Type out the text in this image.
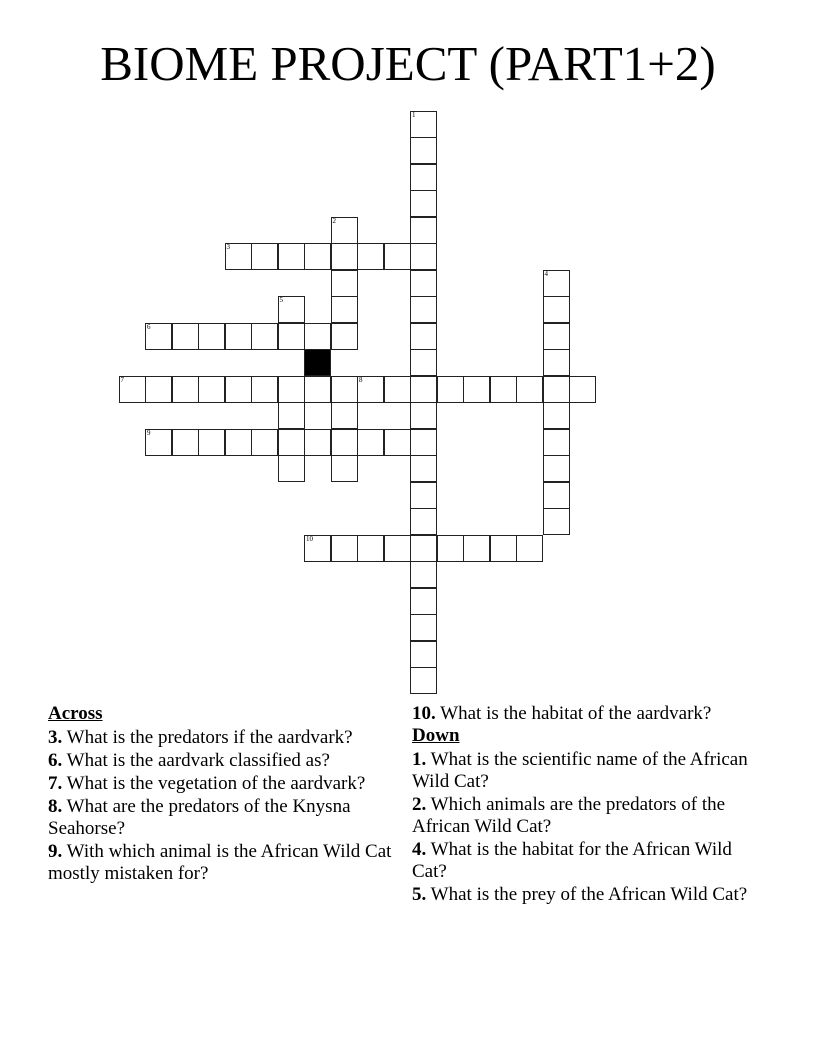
BIOME PROJECT (PART1+2)
1
2
3
4
5
6
7	8
9
10
Across
3. What is the predators if the aardvark?
6. What is the aardvark classified as?
7. What is the vegetation of the aardvark?
8. What are the predators of the Knysna Seahorse?
9. With which animal is the African Wild Cat mostly mistaken for?
10. What is the habitat of the aardvark?
Down
1. What is the scientific name of the African Wild Cat?
2. Which animals are the predators of the African Wild Cat?
4. What is the habitat for the African Wild Cat?
5. What is the prey of the African Wild Cat?
